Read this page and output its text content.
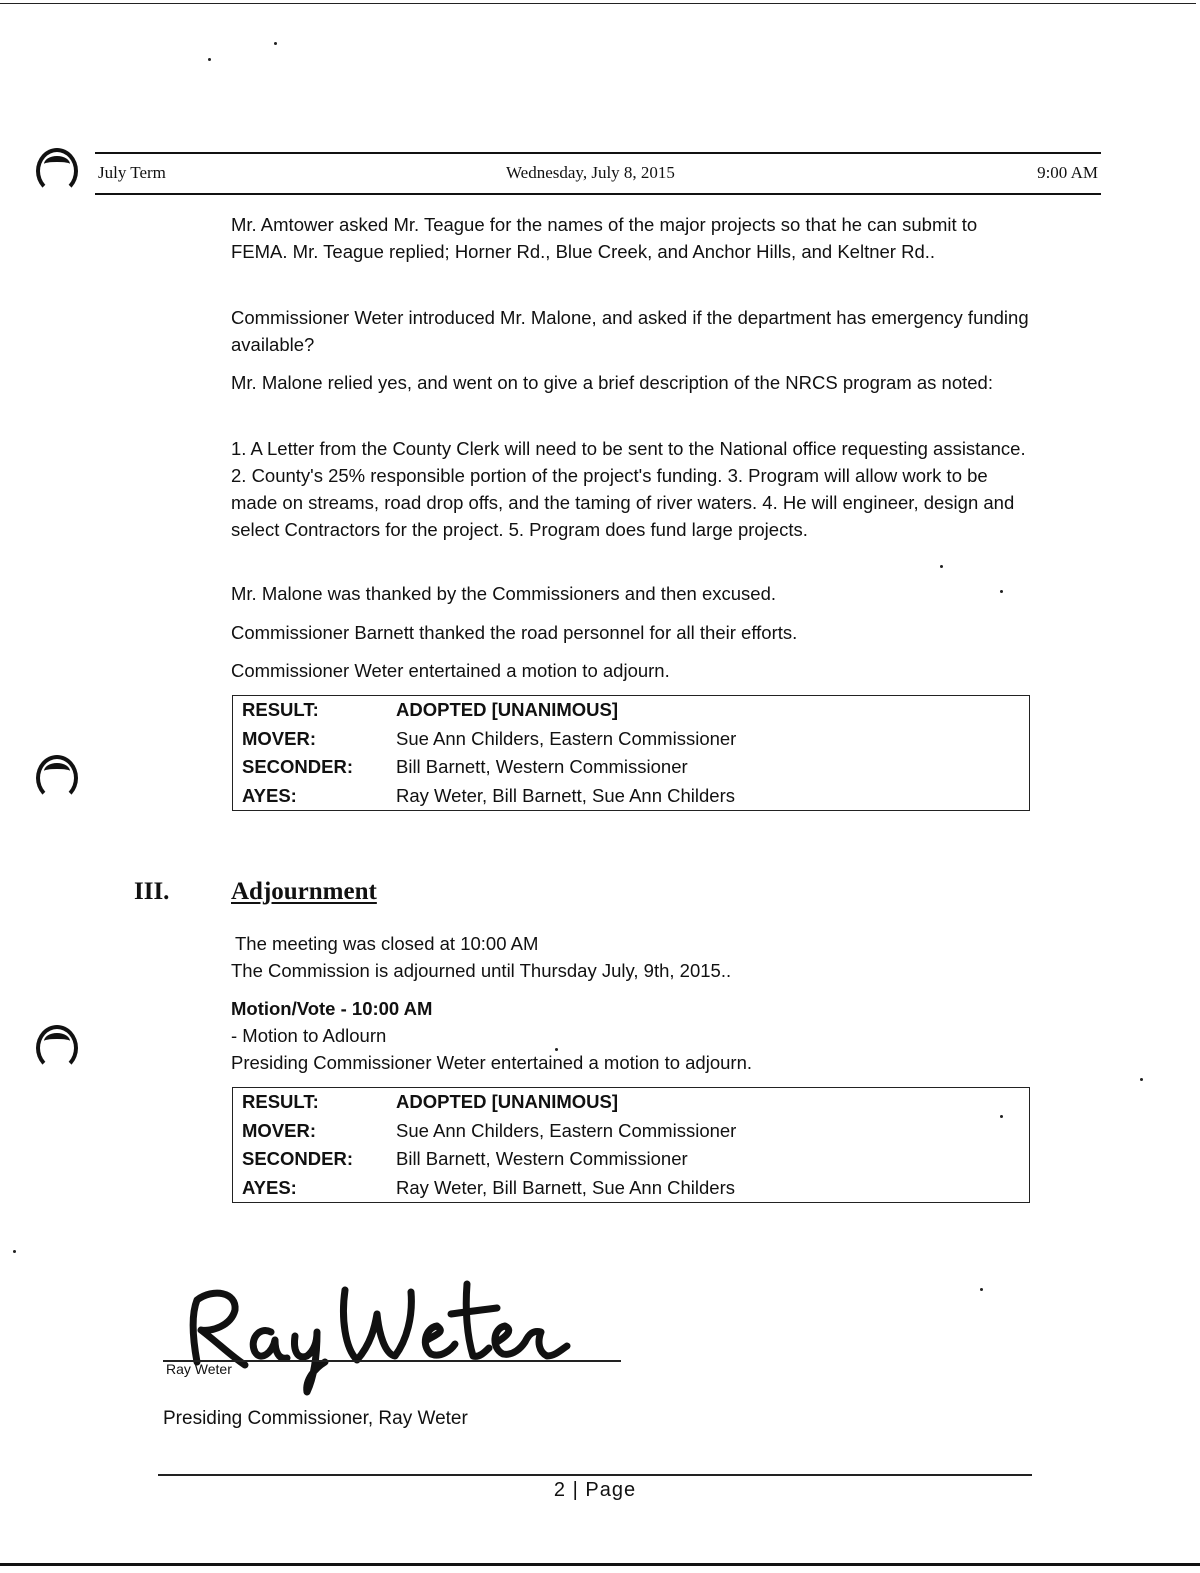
July Term	Wednesday, July 8, 2015	9:00 AM

Mr. Amtower asked Mr. Teague for the names of the major projects so that he can submit to FEMA. Mr. Teague replied; Horner Rd., Blue Creek, and Anchor Hills, and Keltner Rd..

Commissioner Weter introduced Mr. Malone, and asked if the department has emergency funding available?

Mr. Malone relied yes, and went on to give a brief description of the NRCS program as noted:

1. A Letter from the County Clerk will need to be sent to the National office requesting assistance. 2. County's 25% responsible portion of the project's funding. 3. Program will allow work to be made on streams, road drop offs, and the taming of river waters. 4. He will engineer, design and select Contractors for the project. 5. Program does fund large projects.

Mr. Malone was thanked by the Commissioners and then excused.

Commissioner Barnett thanked the road personnel for all their efforts.

Commissioner Weter entertained a motion to adjourn.

RESULT:	ADOPTED [UNANIMOUS]
MOVER:	Sue Ann Childers, Eastern Commissioner
SECONDER: Bill Barnett, Western Commissioner
AYES:	Ray Weter, Bill Barnett, Sue Ann Childers
III. Adjournment

The meeting was closed at 10:00 AM

The Commission is adjourned until Thursday July, 9th, 2015..

Motion/Vote - 10:00 AM

- Motion to Adlourn

Presiding Commissioner Weter entertained a motion to adjourn.

RESULT:	ADOPTED [UNANIMOUS]
MOVER:	Sue Ann Childers, Eastern Commissioner
SECONDER: Bill Barnett, Western Commissioner
AYES:	Ray Weter, Bill Barnett, Sue Ann Childers
Ray Weter
Presiding Commissioner, Ray Weter
2 | Page
